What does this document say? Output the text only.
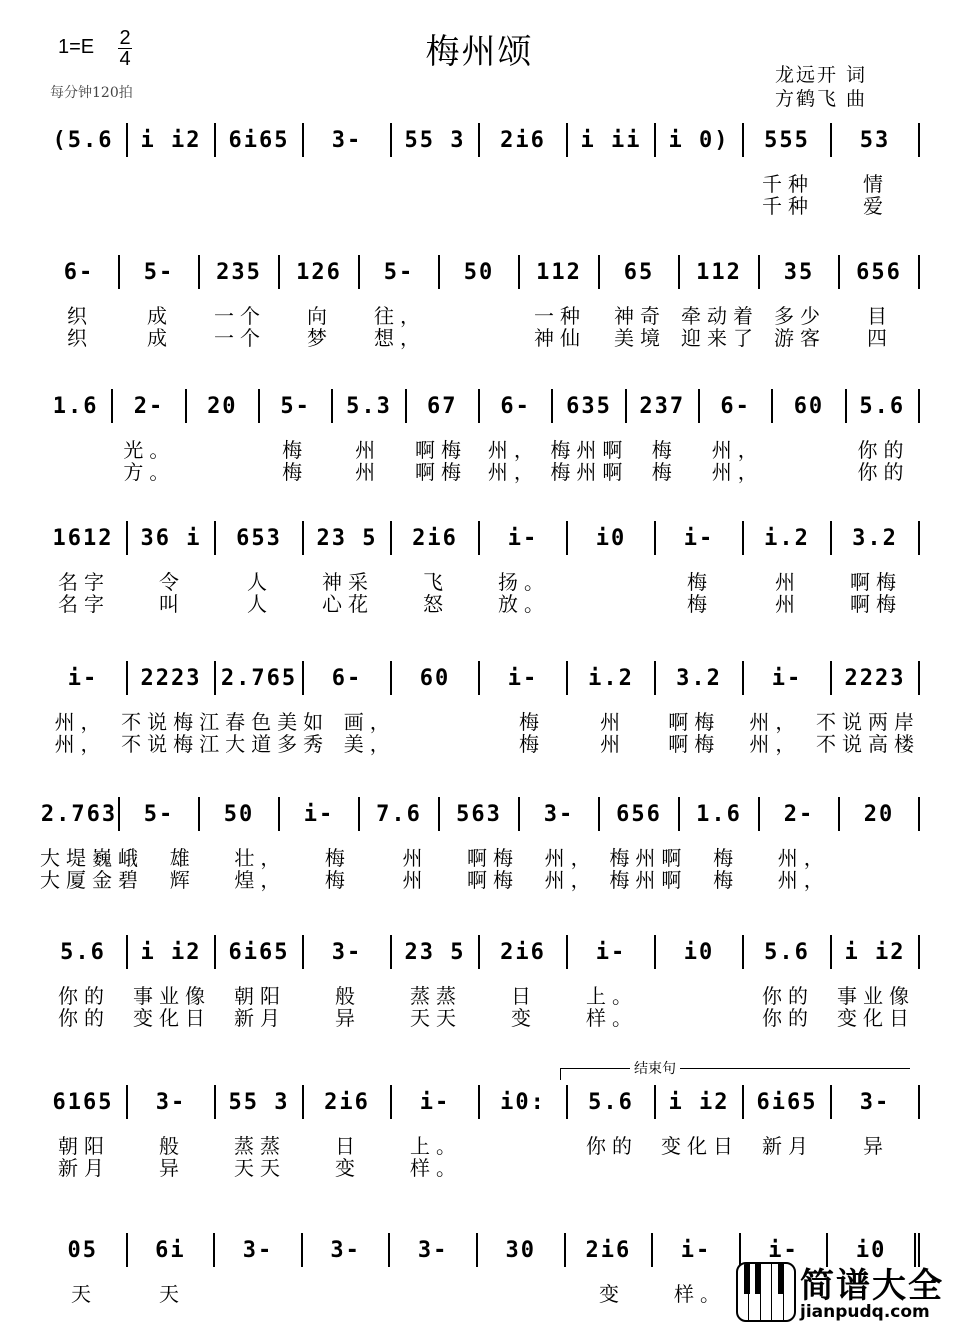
1=E 2
4
每分钟120拍
梅州颂
龙远开 词
方鹤飞 曲
(5.6	i i2	6i65	3-	55 3	2i6	i ii	i 0)	555	53
千种	情
千种	爱
6-	5-	235	126	5-	50	112	65	112	35	656
织	成	一个	向	往，	一种	神奇 牵动着 多少	目
织	成	一个	梦	想，	神仙	美境 迎来了 游客	四
1.6	2-	20	5-	5.3	67	6-	635	237	6-	60	5.6
光。	梅	州	啊梅	州， 梅州啊	梅	州，	你的
方。	梅	州	啊梅	州， 梅州啊	梅	州，	你的
1612	36 i	653	23 5	2i6	i-	i0	i-	i.2	3.2
名字	令	人	神采	飞	扬。	梅	州	啊梅
名字	叫	人	心花	怒	放。	梅	州	啊梅
i-	2223 2.765	6-	60	i-	i.2	3.2	i-	2223
州， 不说梅江 春色美如 画，	梅	州	啊梅	州， 不说两岸
州， 不说梅江 大道多秀 美，	梅	州	啊梅	州， 不说高楼
2.763	5-	50	i-	7.6	563	3-	656	1.6	2-	20
大堤巍峨	雄	壮，	梅	州	啊梅	州， 梅州啊	梅	州，
大厦金碧	辉	煌，	梅	州	啊梅	州， 梅州啊	梅	州，
5.6	i i2	6i65	3-	23 5	2i6	i-	i0	5.6	i i2
你的	事业像	朝阳	般	蒸蒸	日	上。	你的	事业像
你的	变化日	新月	异	天天	变	样。	你的	变化日
6165	3-	55 3	2i6	i-	i0:	5.6	i i2	6i65	3-
朝阳	般	蒸蒸	日	上。	你的	变化日	新月	异
新月	异	天天	变	样。
05	6i	3-	3-	3-	30	2i6	i-	i-	i0
天	天	变	样。
结束句
简谱大全
jianpudq.com
